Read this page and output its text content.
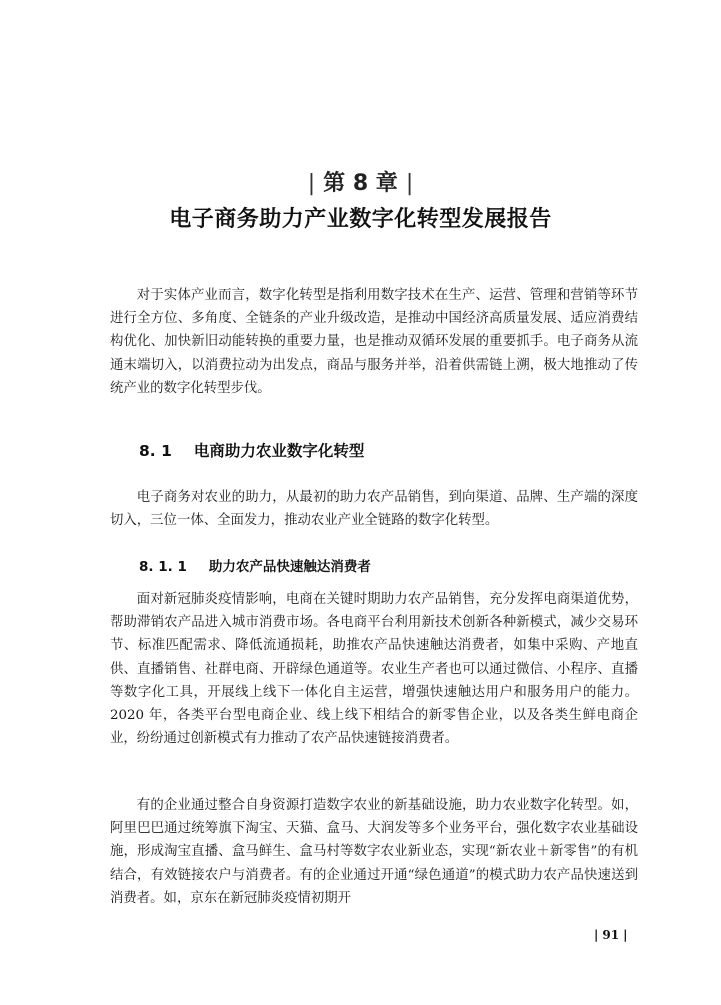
| 第 8 章 |
电子商务助力产业数字化转型发展报告

对于实体产业而言，数字化转型是指利用数字技术在生产、运营、管理和营销等环节进行全方位、多角度、全链条的产业升级改造，是推动中国经济高质量发展、适应消费结构优化、加快新旧动能转换的重要力量，也是推动双循环发展的重要抓手。电子商务从流通末端切入，以消费拉动为出发点，商品与服务并举，沿着供需链上溯，极大地推动了传统产业的数字化转型步伐。

8. 1 电商助力农业数字化转型

电子商务对农业的助力，从最初的助力农产品销售，到向渠道、品牌、生产端的深度切入，三位一体、全面发力，推动农业产业全链路的数字化转型。

8. 1. 1 助力农产品快速触达消费者

面对新冠肺炎疫情影响，电商在关键时期助力农产品销售，充分发挥电商渠道优势，帮助滞销农产品进入城市消费市场。各电商平台利用新技术创新各种新模式，减少交易环节、标准匹配需求、降低流通损耗，助推农产品快速触达消费者，如集中采购、产地直供、直播销售、社群电商、开辟绿色通道等。农业生产者也可以通过微信、小程序、直播等数字化工具，开展线上线下一体化自主运营，增强快速触达用户和服务用户的能力。2020 年，各类平台型电商企业、线上线下相结合的新零售企业，以及各类生鲜电商企业，纷纷通过创新模式有力推动了农产品快速链接消费者。

有的企业通过整合自身资源打造数字农业的新基础设施，助力农业数字化转型。如，阿里巴巴通过统筹旗下淘宝、天猫、盒马、大润发等多个业务平台，强化数字农业基础设施，形成淘宝直播、盒马鲜生、盒马村等数字农业新业态，实现“新农业＋新零售”的有机结合，有效链接农户与消费者。有的企业通过开通“绿色通道”的模式助力农产品快速送到消费者。如，京东在新冠肺炎疫情初期开

| 91 |
